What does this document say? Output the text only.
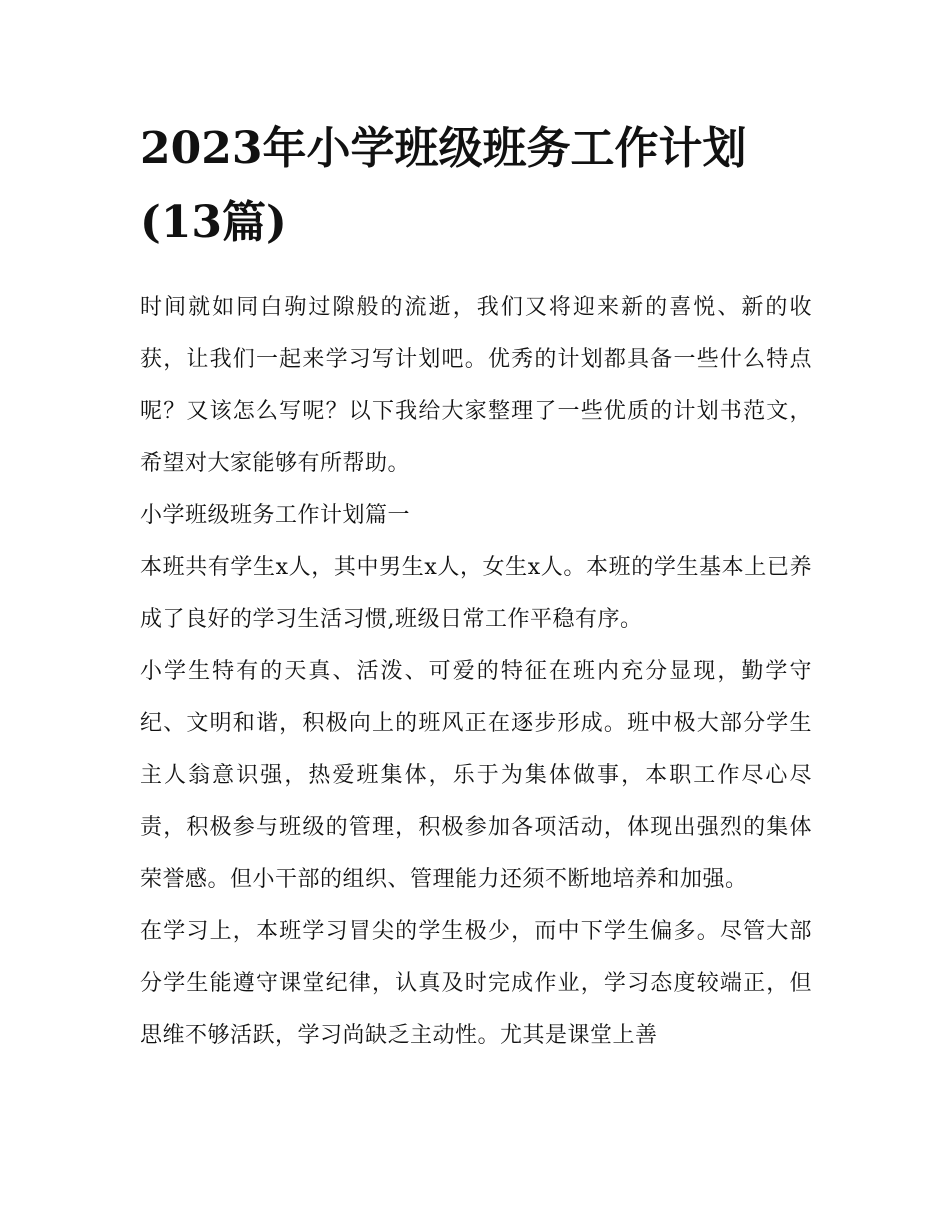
2023年小学班级班务工作计划(13篇)

时间就如同白驹过隙般的流逝，我们又将迎来新的喜悦、新的收获，让我们一起来学习写计划吧。优秀的计划都具备一些什么特点呢？又该怎么写呢？以下我给大家整理了一些优质的计划书范文，希望对大家能够有所帮助。

小学班级班务工作计划篇一

本班共有学生x人，其中男生x人，女生x人。本班的学生基本上已养成了良好的学习生活习惯,班级日常工作平稳有序。

小学生特有的天真、活泼、可爱的特征在班内充分显现，勤学守纪、文明和谐，积极向上的班风正在逐步形成。班中极大部分学生主人翁意识强，热爱班集体，乐于为集体做事，本职工作尽心尽责，积极参与班级的管理，积极参加各项活动，体现出强烈的集体荣誉感。但小干部的组织、管理能力还须不断地培养和加强。

在学习上，本班学习冒尖的学生极少，而中下学生偏多。尽管大部分学生能遵守课堂纪律，认真及时完成作业，学习态度较端正，但思维不够活跃，学习尚缺乏主动性。尤其是课堂上善
